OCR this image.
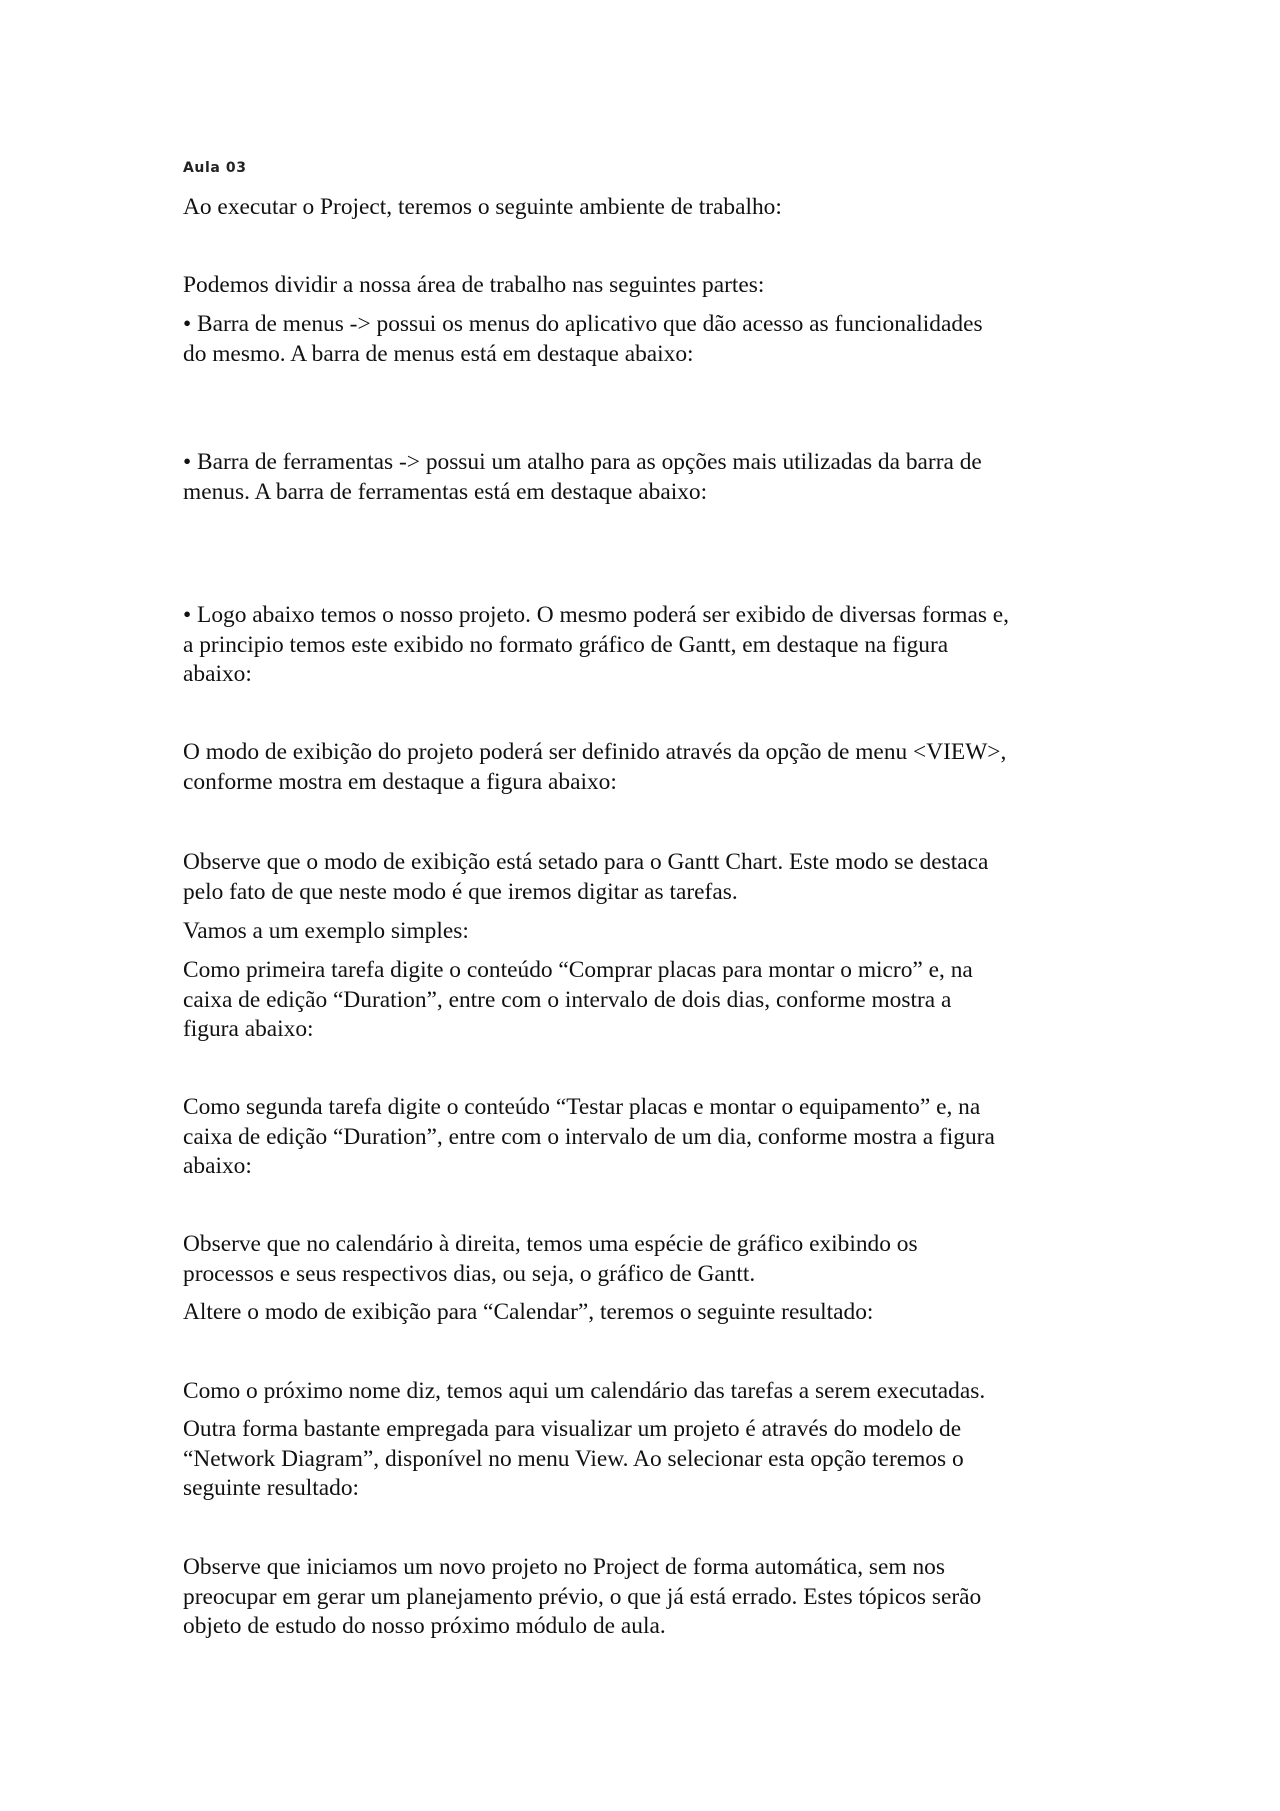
Aula 03

Ao executar o Project, teremos o seguinte ambiente de trabalho:

Podemos dividir a nossa área de trabalho nas seguintes partes:

• Barra de menus -> possui os menus do aplicativo que dão acesso as funcionalidades
do mesmo. A barra de menus está em destaque abaixo:

• Barra de ferramentas -> possui um atalho para as opções mais utilizadas da barra de
menus. A barra de ferramentas está em destaque abaixo:

• Logo abaixo temos o nosso projeto. O mesmo poderá ser exibido de diversas formas e,
a principio temos este exibido no formato gráfico de Gantt, em destaque na figura
abaixo:

O modo de exibição do projeto poderá ser definido através da opção de menu <VIEW>,
conforme mostra em destaque a figura abaixo:

Observe que o modo de exibição está setado para o Gantt Chart. Este modo se destaca
pelo fato de que neste modo é que iremos digitar as tarefas.

Vamos a um exemplo simples:

Como primeira tarefa digite o conteúdo “Comprar placas para montar o micro” e, na
caixa de edição “Duration”, entre com o intervalo de dois dias, conforme mostra a
figura abaixo:

Como segunda tarefa digite o conteúdo “Testar placas e montar o equipamento” e, na
caixa de edição “Duration”, entre com o intervalo de um dia, conforme mostra a figura
abaixo:

Observe que no calendário à direita, temos uma espécie de gráfico exibindo os
processos e seus respectivos dias, ou seja, o gráfico de Gantt.

Altere o modo de exibição para “Calendar”, teremos o seguinte resultado:

Como o próximo nome diz, temos aqui um calendário das tarefas a serem executadas.

Outra forma bastante empregada para visualizar um projeto é através do modelo de
“Network Diagram”, disponível no menu View. Ao selecionar esta opção teremos o
seguinte resultado:

Observe que iniciamos um novo projeto no Project de forma automática, sem nos
preocupar em gerar um planejamento prévio, o que já está errado. Estes tópicos serão
objeto de estudo do nosso próximo módulo de aula.
